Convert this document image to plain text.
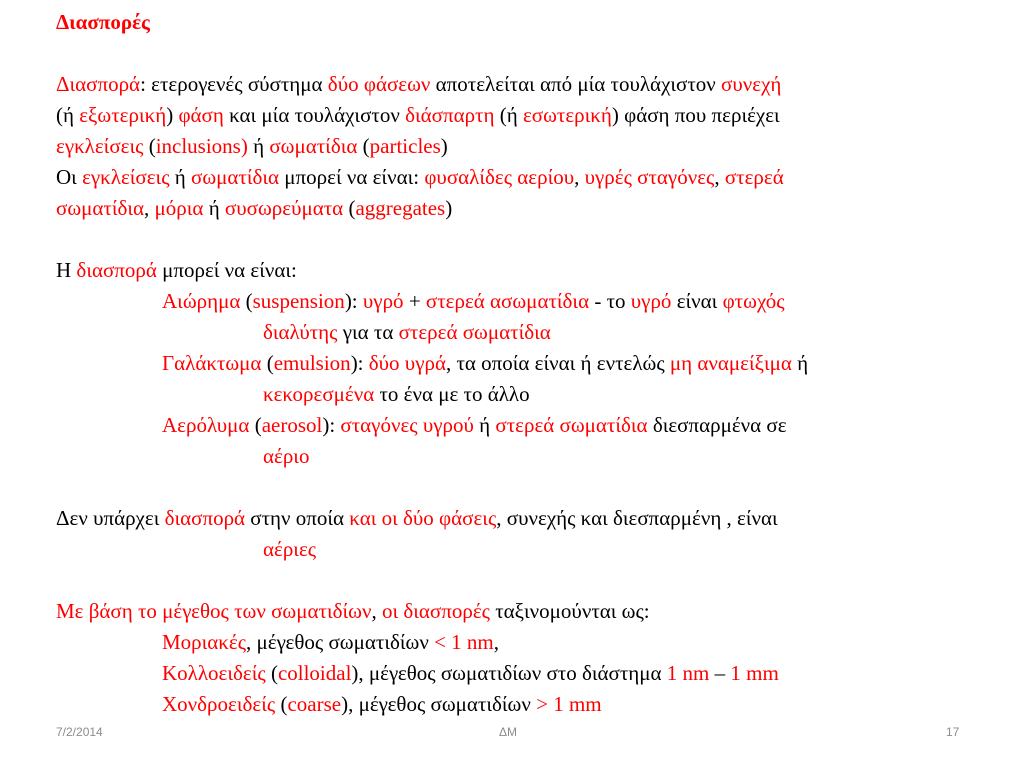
Διασπορές
Διασπορά: ετερογενές σύστημα δύο φάσεων αποτελείται από μία τουλάχιστον συνεχή
(ή εξωτερική) φάση και μία τουλάχιστον διάσπαρτη (ή εσωτερική) φάση που περιέχει
εγκλείσεις (inclusions) ή σωματίδια (particles)
Οι εγκλείσεις ή σωματίδια μπορεί να είναι: φυσαλίδες αερίου, υγρές σταγόνες, στερεά
σωματίδια, μόρια ή συσωρεύματα (aggregates)
Η διασπορά μπορεί να είναι:
Αιώρημα (suspension): υγρό + στερεά ασωματίδια - το υγρό είναι φτωχός
διαλύτης για τα στερεά σωματίδια
Γαλάκτωμα (emulsion): δύο υγρά, τα οποία είναι ή εντελώς μη αναμείξιμα ή
κεκορεσμένα το ένα με το άλλο
Αερόλυμα (aerosol): σταγόνες υγρού ή στερεά σωματίδια διεσπαρμένα σε
αέριο
Δεν υπάρχει διασπορά στην οποία και οι δύο φάσεις, συνεχής και διεσπαρμένη , είναι
αέριες
Με βάση το μέγεθος των σωματιδίων, οι διασπορές ταξινομούνται ως:
Μοριακές, μέγεθος σωματιδίων < 1 nm,
Κολλοειδείς (colloidal), μέγεθος σωματιδίων στο διάστημα 1 nm – 1 mm
Χονδροειδείς (coarse), μέγεθος σωματιδίων > 1 mm
7/2/2014	ΔΜ	17
